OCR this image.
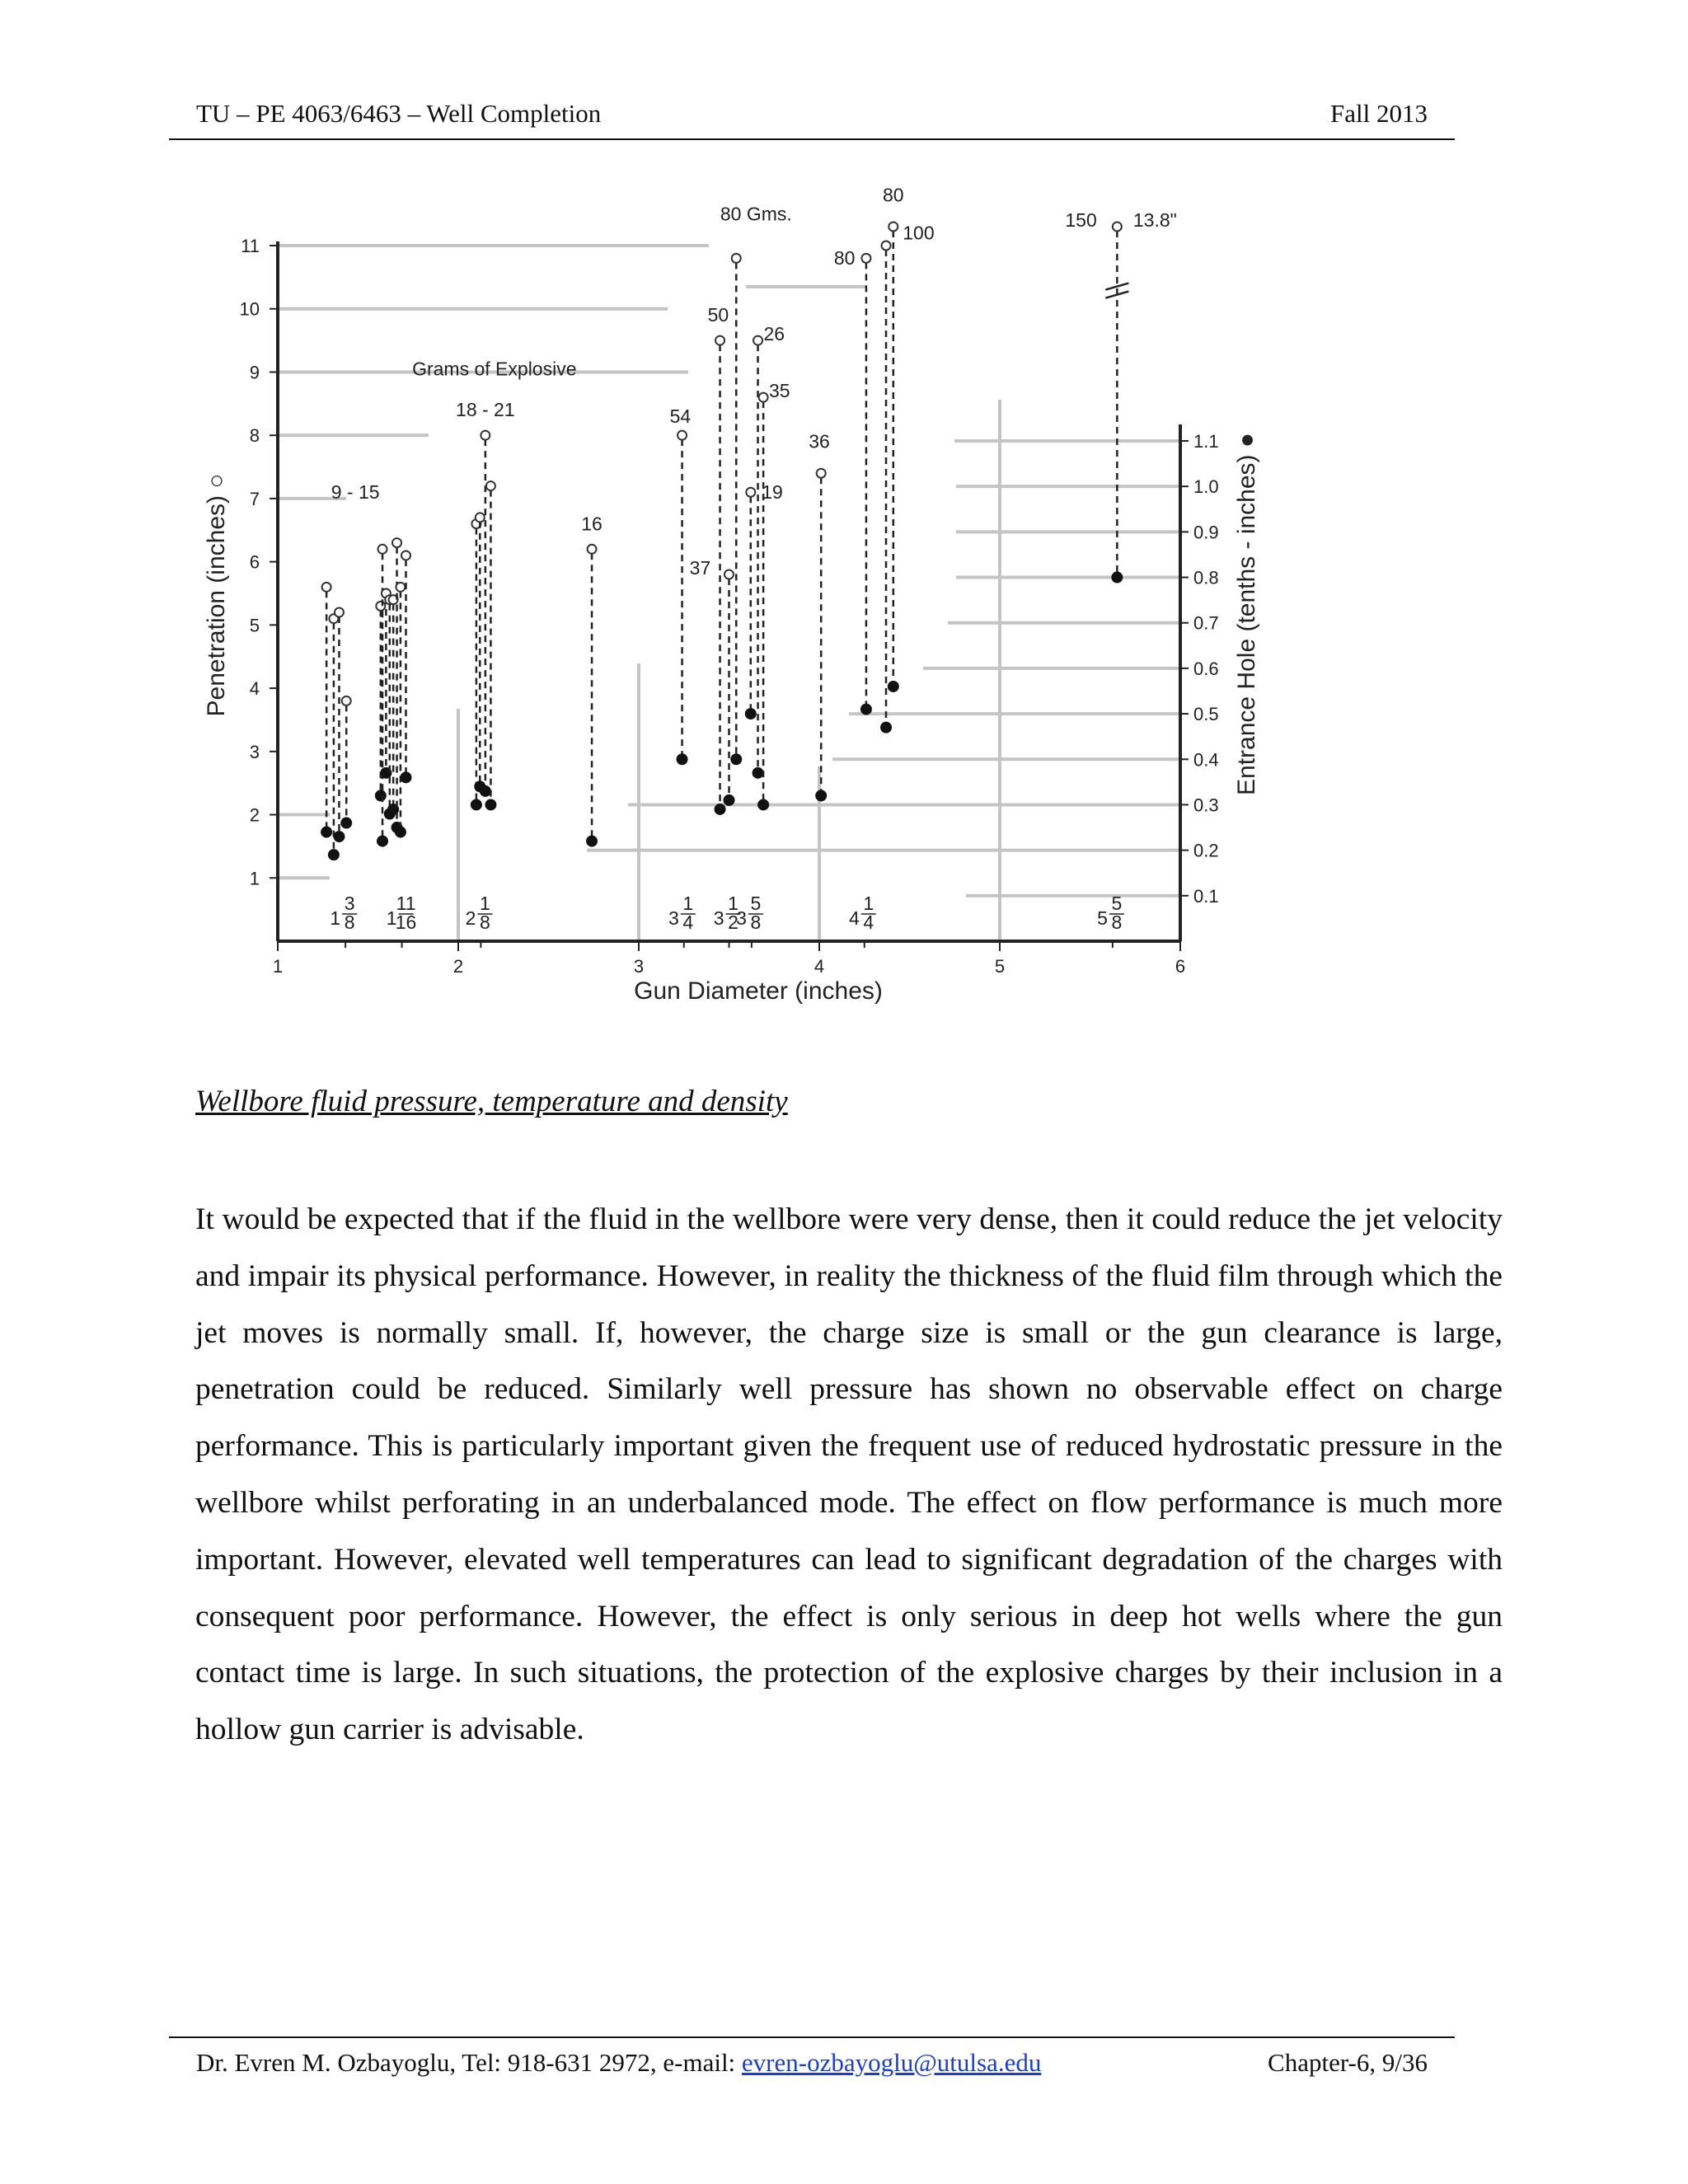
TU – PE 4063/6463 – Well Completion	Fall 2013
1
2
3
4
5
6
7
8
9
10
11
0.1
0.2
0.3
0.4
0.5
0.6
0.7
0.8
0.9
1.0
1.1
1	2	3	4	5	6
1
3
8 1
11
16	2
1
8	3
1
4 3
1
2
3
5
8	4
1
4	5
5
8
Grams of Explosive
9 - 15
18 - 21
16
54
37
50
80 Gms.
26
35
19
36
80
80
100
150 13.8"
Gun Diameter (inches)
Penetration (inches) ○	Entrance Hole (tenths - inches) ●
Wellbore fluid pressure, temperature and density

It would be expected that if the fluid in the wellbore were very dense, then it could reduce the jet velocity and impair its physical performance. However, in reality the thickness of the fluid film through which the jet moves is normally small. If, however, the charge size is small or the gun clearance is large, penetration could be reduced. Similarly well pressure has shown no observable effect on charge performance. This is particularly important given the frequent use of reduced hydrostatic pressure in the wellbore whilst perforating in an underbalanced mode. The effect on flow performance is much more important. However, elevated well temperatures can lead to significant degradation of the charges with consequent poor performance. However, the effect is only serious in deep hot wells where the gun contact time is large. In such situations, the protection of the explosive charges by their inclusion in a hollow gun carrier is advisable.

Dr. Evren M. Ozbayoglu, Tel: 918-631 2972, e-mail: evren-ozbayoglu@utulsa.edu	Chapter-6, 9/36
